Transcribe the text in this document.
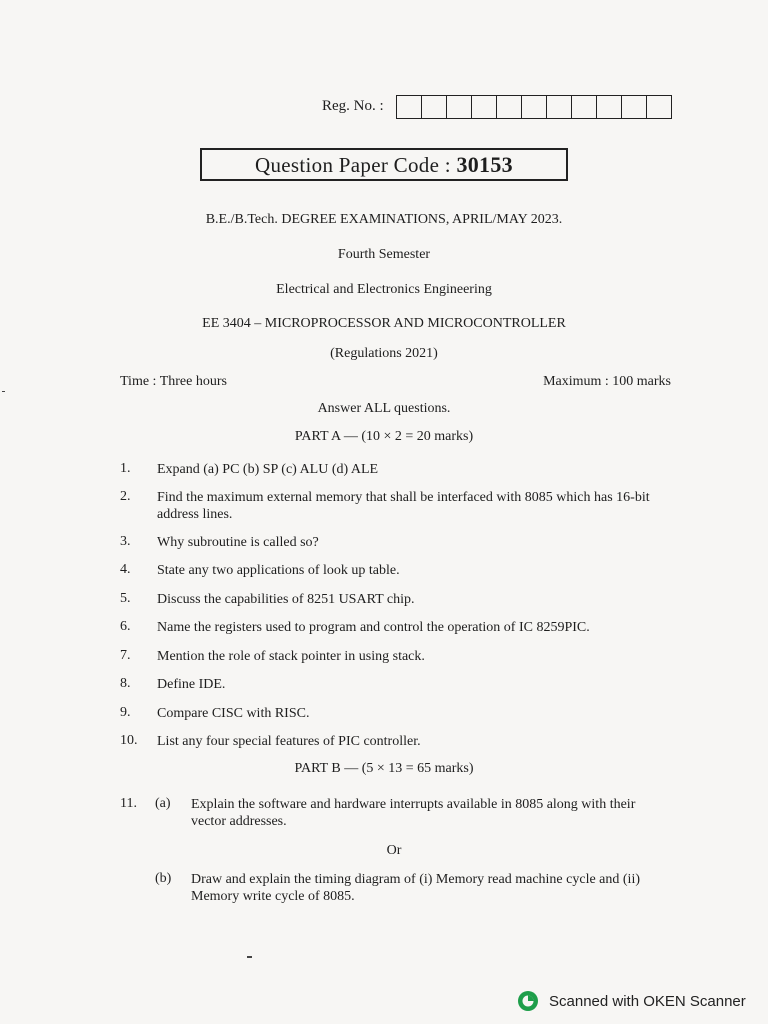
Reg. No. :
Question Paper Code : 30153
B.E./B.Tech. DEGREE EXAMINATIONS, APRIL/MAY 2023.
Fourth Semester
Electrical and Electronics Engineering
EE 3404 – MICROPROCESSOR AND MICROCONTROLLER
(Regulations 2021)
Time : Three hours	Maximum : 100 marks
Answer ALL questions.
PART A — (10 × 2 = 20 marks)
1. Expand (a) PC (b) SP (c) ALU (d) ALE
2. Find the maximum external memory that shall be interfaced with 8085 which has 16-bit address lines.
3. Why subroutine is called so?
4. State any two applications of look up table.
5. Discuss the capabilities of 8251 USART chip.
6. Name the registers used to program and control the operation of IC 8259PIC.
7. Mention the role of stack pointer in using stack.
8. Define IDE.
9. Compare CISC with RISC.
10. List any four special features of PIC controller.
PART B — (5 × 13 = 65 marks)
11. (a) Explain the software and hardware interrupts available in 8085 along with their vector addresses.
Or
(b) Draw and explain the timing diagram of (i) Memory read machine cycle and (ii) Memory write cycle of 8085.
Scanned with OKEN Scanner
